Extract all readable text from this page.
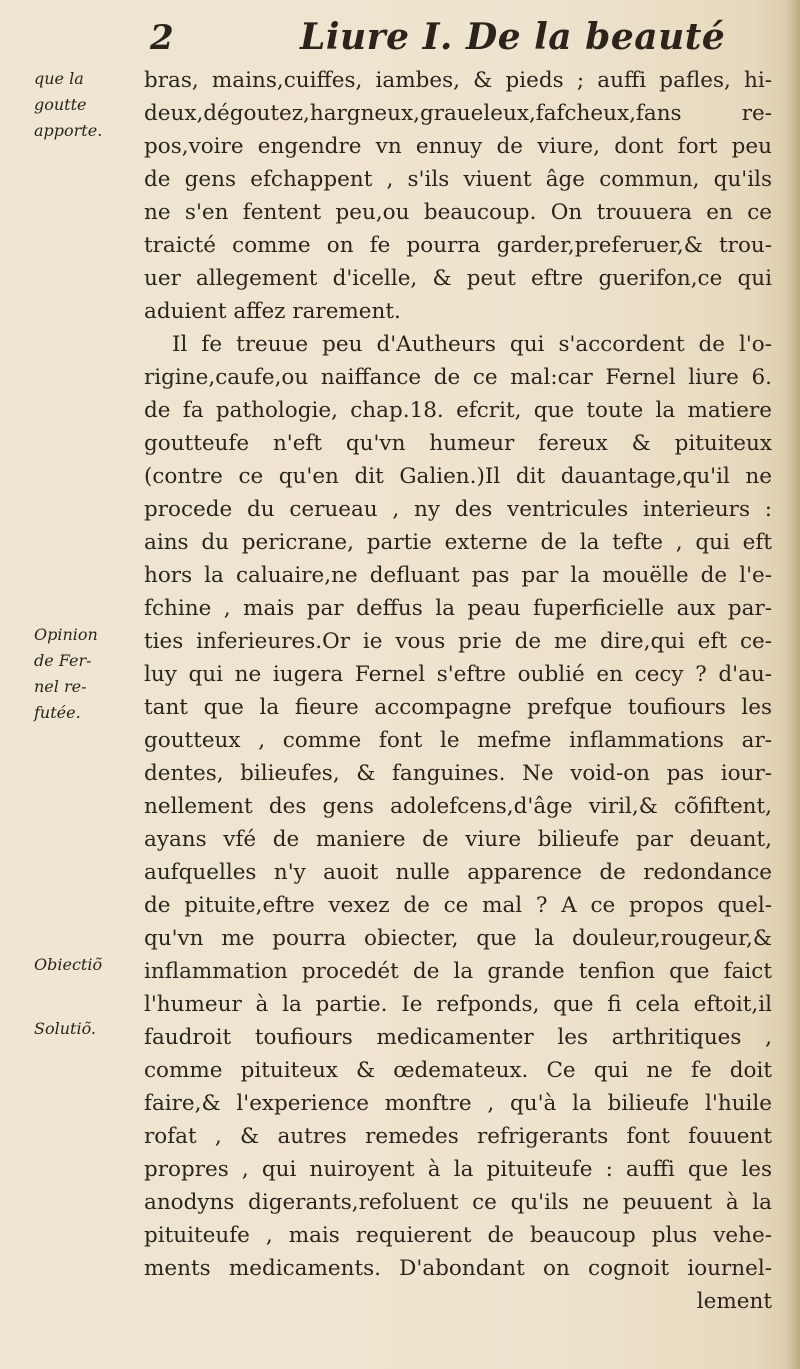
2	Liure I. De la beauté
que la
goutte
apporte.
Opinion
de Fer-
nel re-
futée.
Obiectiõ
Solutiõ.
bras, mains,cuiffes, iambes, & pieds ; auffi pafles, hi-
deux,dégoutez,hargneux,graueleux,fafcheux,fans re-
pos,voire engendre vn ennuy de viure, dont fort peu
de gens efchappent , s'ils viuent âge commun, qu'ils
ne s'en fentent peu,ou beaucoup. On trouuera en ce
traicté comme on fe pourra garder,preferuer,& trou-
uer allegement d'icelle, & peut eftre guerifon,ce qui
aduient affez rarement.
Il fe treuue peu d'Autheurs qui s'accordent de l'o-
rigine,caufe,ou naiffance de ce mal:car Fernel liure 6.
de fa pathologie, chap.18. efcrit, que toute la matiere
goutteufe n'eft qu'vn humeur fereux & pituiteux
(contre ce qu'en dit Galien.)Il dit dauantage,qu'il ne
procede du cerueau , ny des ventricules interieurs :
ains du pericrane, partie externe de la tefte , qui eft
hors la caluaire,ne defluant pas par la mouëlle de l'e-
fchine , mais par deffus la peau fuperficielle aux par-
ties inferieures.Or ie vous prie de me dire,qui eft ce-
luy qui ne iugera Fernel s'eftre oublié en cecy ? d'au-
tant que la fieure accompagne prefque toufiours les
goutteux , comme font le mefme inflammations ar-
dentes, bilieufes, & fanguines. Ne void-on pas iour-
nellement des gens adolefcens,d'âge viril,& cõfiftent,
ayans vfé de maniere de viure bilieufe par deuant,
aufquelles n'y auoit nulle apparence de redondance
de pituite,eftre vexez de ce mal ? A ce propos quel-
qu'vn me pourra obiecter, que la douleur,rougeur,&
inflammation procedét de la grande tenfion que faict
l'humeur à la partie. Ie refponds, que fi cela eftoit,il
faudroit toufiours medicamenter les arthritiques ,
comme pituiteux & œdemateux. Ce qui ne fe doit
faire,& l'experience monftre , qu'à la bilieufe l'huile
rofat , & autres remedes refrigerants font fouuent
propres , qui nuiroyent à la pituiteufe : auffi que les
anodyns digerants,refoluent ce qu'ils ne peuuent à la
pituiteufe , mais requierent de beaucoup plus vehe-
ments medicaments. D'abondant on cognoit iournel-
lement
